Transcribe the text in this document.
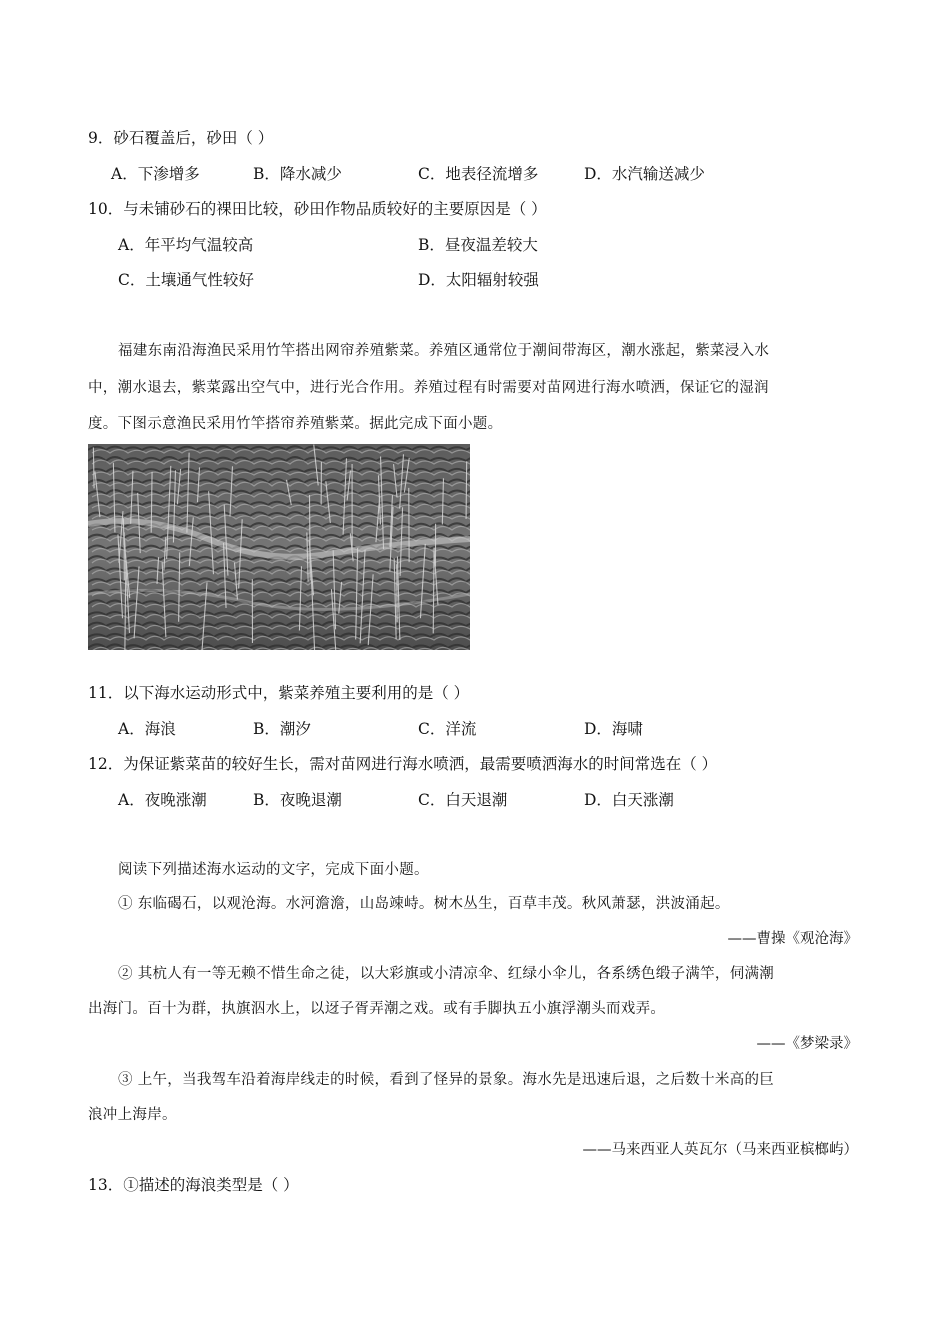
9．砂石覆盖后，砂田（ ）
A．下渗增多	B．降水减少	C．地表径流增多	D．水汽输送减少
10．与未铺砂石的裸田比较，砂田作物品质较好的主要原因是（ ）
A．年平均气温较高	B．昼夜温差较大
C．土壤通气性较好	D．太阳辐射较强
福建东南沿海渔民采用竹竿搭出网帘养殖紫菜。养殖区通常位于潮间带海区，潮水涨起，紫菜浸入水
中，潮水退去，紫菜露出空气中，进行光合作用。养殖过程有时需要对苗网进行海水喷洒，保证它的湿润
度。下图示意渔民采用竹竿搭帘养殖紫菜。据此完成下面小题。
11．以下海水运动形式中，紫菜养殖主要利用的是（ ）
A．海浪	B．潮汐	C．洋流	D．海啸
12．为保证紫菜苗的较好生长，需对苗网进行海水喷洒，最需要喷洒海水的时间常选在（ ）
A．夜晚涨潮	B．夜晚退潮	C．白天退潮	D．白天涨潮
阅读下列描述海水运动的文字，完成下面小题。
① 东临碣石，以观沧海。水河澹澹，山岛竦峙。树木丛生，百草丰茂。秋风萧瑟，洪波涌起。
——曹操《观沧海》
② 其杭人有一等无赖不惜生命之徒，以大彩旗或小清凉伞、红绿小伞儿，各系绣色缎子满竿，伺满潮
出海门。百十为群，执旗泅水上，以迓子胥弄潮之戏。或有手脚执五小旗浮潮头而戏弄。
——《梦梁录》
③ 上午，当我驾车沿着海岸线走的时候，看到了怪异的景象。海水先是迅速后退，之后数十米高的巨
浪冲上海岸。
——马来西亚人英瓦尔（马来西亚槟榔屿）
13．①描述的海浪类型是（ ）
